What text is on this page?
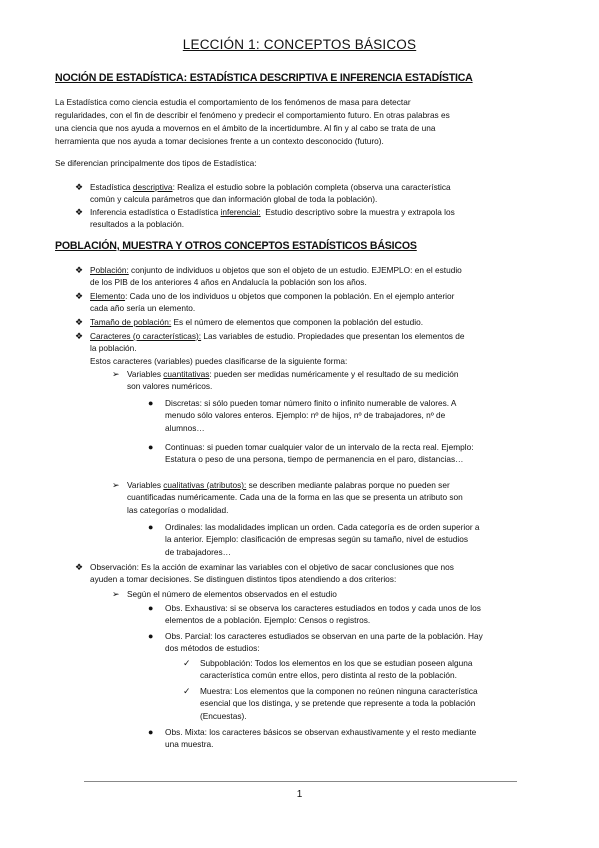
LECCIÓN 1: CONCEPTOS BÁSICOS
NOCIÓN DE ESTADÍSTICA: ESTADÍSTICA DESCRIPTIVA E INFERENCIA ESTADÍSTICA
La Estadística como ciencia estudia el comportamiento de los fenómenos de masa para detectar
regularidades, con el fin de describir el fenómeno y predecir el comportamiento futuro. En otras palabras es
una ciencia que nos ayuda a movernos en el ámbito de la incertidumbre. Al fin y al cabo se trata de una
herramienta que nos ayuda a tomar decisiones frente a un contexto desconocido (futuro).
Se diferencian principalmente dos tipos de Estadística:
❖ Estadística descriptiva: Realiza el estudio sobre la población completa (observa una característica
común y calcula parámetros que dan información global de toda la población).
❖ Inferencia estadística o Estadística inferencial:  Estudio descriptivo sobre la muestra y extrapola los
resultados a la población.
POBLACIÓN, MUESTRA Y OTROS CONCEPTOS ESTADÍSTICOS BÁSICOS
❖ Población: conjunto de individuos u objetos que son el objeto de un estudio. EJEMPLO: en el estudio
de los PIB de los anteriores 4 años en Andalucía la población son los años.
❖ Elemento: Cada uno de los individuos u objetos que componen la población. En el ejemplo anterior
cada año sería un elemento.
❖ Tamaño de población: Es el número de elementos que componen la población del estudio.
❖ Caracteres (o características): Las variables de estudio. Propiedades que presentan los elementos de
la población.
Estos caracteres (variables) puedes clasificarse de la siguiente forma:
➢ Variables cuantitativas: pueden ser medidas numéricamente y el resultado de su medición
son valores numéricos.
● Discretas: si sólo pueden tomar número finito o infinito numerable de valores. A
menudo sólo valores enteros. Ejemplo: nº de hijos, nº de trabajadores, nº de
alumnos…
● Continuas: si pueden tomar cualquier valor de un intervalo de la recta real. Ejemplo:
Estatura o peso de una persona, tiempo de permanencia en el paro, distancias…
➢ Variables cualitativas (atributos): se describen mediante palabras porque no pueden ser
cuantificadas numéricamente. Cada una de la forma en las que se presenta un atributo son
las categorías o modalidad.
● Ordinales: las modalidades implican un orden. Cada categoría es de orden superior a
la anterior. Ejemplo: clasificación de empresas según su tamaño, nivel de estudios
de trabajadores…
❖ Observación: Es la acción de examinar las variables con el objetivo de sacar conclusiones que nos
ayuden a tomar decisiones. Se distinguen distintos tipos atendiendo a dos criterios:
➢ Según el número de elementos observados en el estudio
● Obs. Exhaustiva: si se observa los caracteres estudiados en todos y cada unos de los
elementos de a población. Ejemplo: Censos o registros.
● Obs. Parcial: los caracteres estudiados se observan en una parte de la población. Hay
dos métodos de estudios:
✓ Subpoblación: Todos los elementos en los que se estudian poseen alguna
característica común entre ellos, pero distinta al resto de la población.
✓ Muestra: Los elementos que la componen no reúnen ninguna característica
esencial que los distinga, y se pretende que represente a toda la población
(Encuestas).
● Obs. Mixta: los caracteres básicos se observan exhaustivamente y el resto mediante
una muestra.
1
